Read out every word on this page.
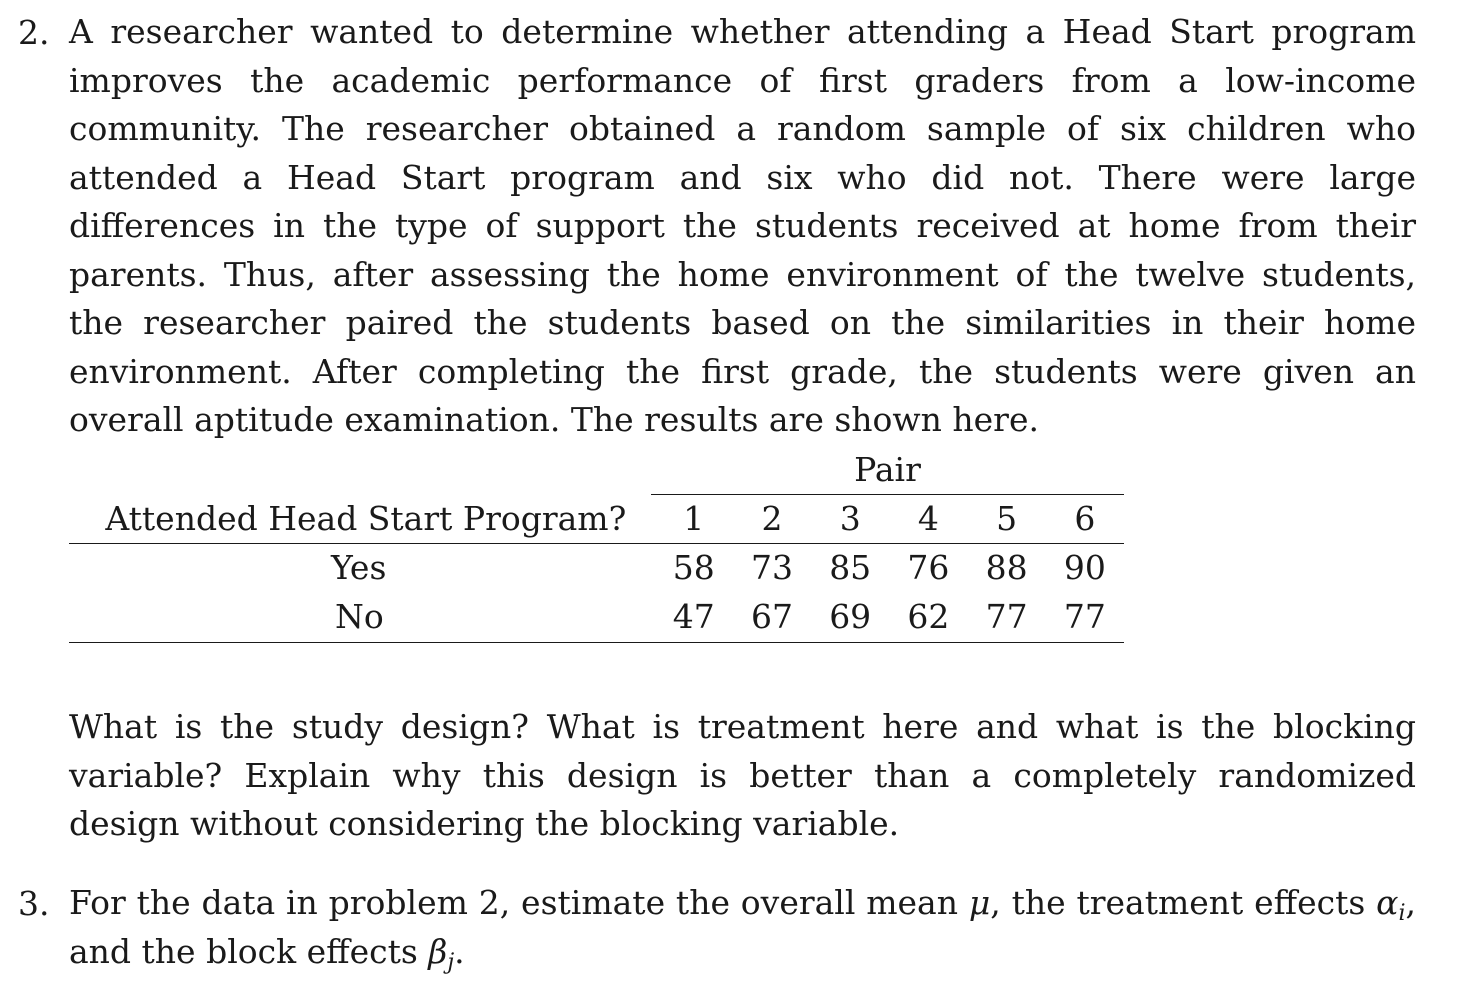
2. A researcher wanted to determine whether attending a Head Start program improves the academic performance of first graders from a low-income community. The researcher obtained a random sample of six children who attended a Head Start program and six who did not. There were large differences in the type of support the students received at home from their parents. Thus, after assessing the home environment of the twelve students, the researcher paired the students based on the similarities in their home environment. After completing the first grade, the students were given an overall aptitude examination. The results are shown here.

Pair
Attended Head Start Program?	1	2	3	4	5	6
Yes	58	73	85	76	88	90
No	47	67	69	62	77	77

What is the study design? What is treatment here and what is the blocking variable? Explain why this design is better than a completely randomized design without considering the blocking variable.

3. For the data in problem 2, estimate the overall mean μ, the treatment effects $\alpha_i$, and the block effects $\beta_j$.
